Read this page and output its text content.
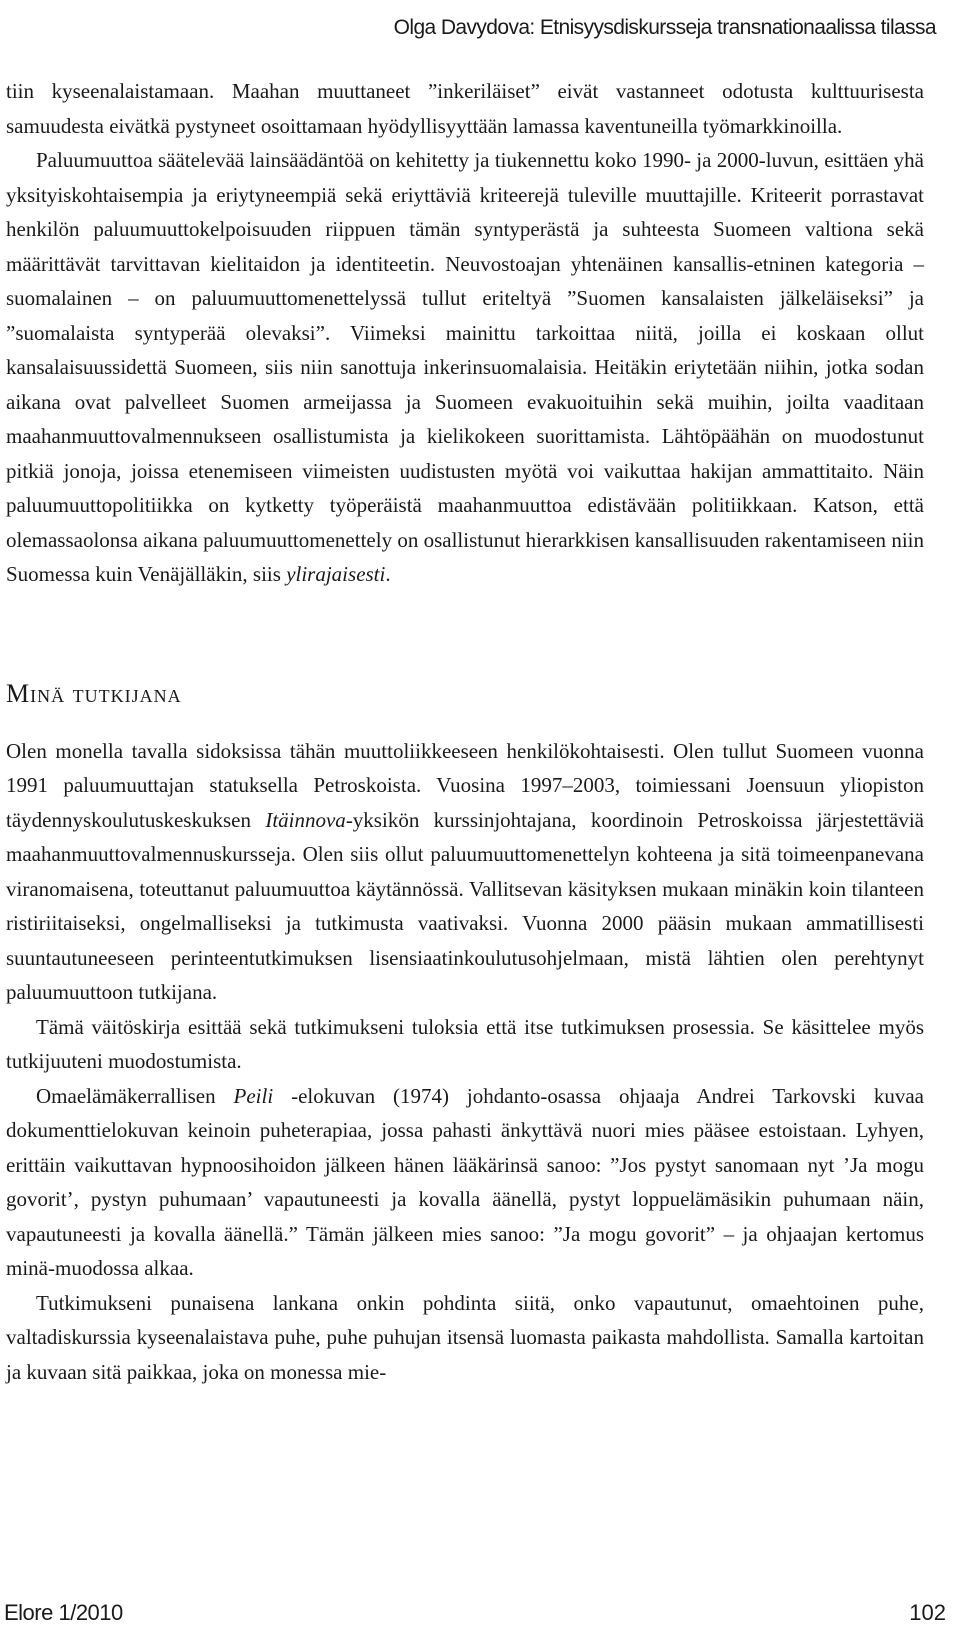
Olga Davydova: Etnisyysdiskursseja transnationaalissa tilassa

tiin kyseenalaistamaan. Maahan muuttaneet ”inkeriläiset” eivät vastanneet odotusta kulttuurisesta samuudesta eivätkä pystyneet osoittamaan hyödyllisyyttään lamassa kaventuneilla työmarkkinoilla.

Paluumuuttoa säätelevää lainsäädäntöä on kehitetty ja tiukennettu koko 1990- ja 2000-luvun, esittäen yhä yksityiskohtaisempia ja eriytyneempiä sekä eriyttäviä kriteerejä tuleville muuttajille. Kriteerit porrastavat henkilön paluumuuttokelpoisuuden riippuen tämän syntyperästä ja suhteesta Suomeen valtiona sekä määrittävät tarvittavan kielitaidon ja identiteetin. Neuvostoajan yhtenäinen kansallis-etninen kategoria – suomalainen – on paluumuuttomenettelyssä tullut eriteltyä ”Suomen kansalaisten jälkeläiseksi” ja ”suomalaista syntyperää olevaksi”. Viimeksi mainittu tarkoittaa niitä, joilla ei koskaan ollut kansalaisuussidettä Suomeen, siis niin sanottuja inkerinsuomalaisia. Heitäkin eriytetään niihin, jotka sodan aikana ovat palvelleet Suomen armeijassa ja Suomeen evakuoituihin sekä muihin, joilta vaaditaan maahanmuuttovalmennukseen osallistumista ja kielikokeen suorittamista. Lähtöpäähän on muodostunut pitkiä jonoja, joissa etenemiseen viimeisten uudistusten myötä voi vaikuttaa hakijan ammattitaito. Näin paluumuuttopolitiikka on kytketty työperäistä maahanmuuttoa edistävään politiikkaan. Katson, että olemassaolonsa aikana paluumuuttomenettely on osallistunut hierarkkisen kansallisuuden rakentamiseen niin Suomessa kuin Venäjälläkin, siis ylirajaisesti.

Minä tutkijana

Olen monella tavalla sidoksissa tähän muuttoliikkeeseen henkilökohtaisesti. Olen tullut Suomeen vuonna 1991 paluumuuttajan statuksella Petroskoista. Vuosina 1997–2003, toimiessani Joensuun yliopiston täydennyskoulutuskeskuksen Itäinnova-yksikön kurssinjohtajana, koordinoin Petroskoissa järjestettäviä maahanmuuttovalmennuskursseja. Olen siis ollut paluumuuttomenettelyn kohteena ja sitä toimeenpanevana viranomaisena, toteuttanut paluumuuttoa käytännössä. Vallitsevan käsityksen mukaan minäkin koin tilanteen ristiriitaiseksi, ongelmalliseksi ja tutkimusta vaativaksi. Vuonna 2000 pääsin mukaan ammatillisesti suuntautuneeseen perinteentutkimuksen lisensiaatinkoulutusohjelmaan, mistä lähtien olen perehtynyt paluumuuttoon tutkijana.

Tämä väitöskirja esittää sekä tutkimukseni tuloksia että itse tutkimuksen prosessia. Se käsittelee myös tutkijuuteni muodostumista.

Omaelämäkerrallisen Peili -elokuvan (1974) johdanto-osassa ohjaaja Andrei Tarkovski kuvaa dokumenttielokuvan keinoin puheterapiaa, jossa pahasti änkyttävä nuori mies pääsee estoistaan. Lyhyen, erittäin vaikuttavan hypnoosihoidon jälkeen hänen lääkärinsä sanoo: ”Jos pystyt sanomaan nyt ’Ja mogu govorit’, pystyn puhumaan’ vapautuneesti ja kovalla äänellä, pystyt loppuelämäsikin puhumaan näin, vapautuneesti ja kovalla äänellä.” Tämän jälkeen mies sanoo: ”Ja mogu govorit” – ja ohjaajan kertomus minä-muodossa alkaa.

Tutkimukseni punaisena lankana onkin pohdinta siitä, onko vapautunut, omaehtoinen puhe, valtadiskurssia kyseenalaistava puhe, puhe puhujan itsensä luomasta paikasta mahdollista. Samalla kartoitan ja kuvaan sitä paikkaa, joka on monessa mie-

Elore 1/2010	102
